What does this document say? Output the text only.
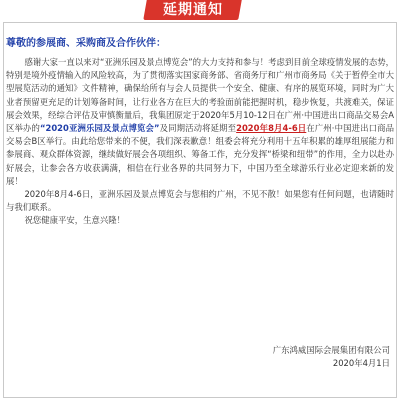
延期通知
尊敬的参展商、采购商及合作伙伴：

感谢大家一直以来对“亚洲乐园及景点博览会”的大力支持和参与！考虑到目前全球疫情发展的态势，特别是境外疫情输入的风险较高，为了贯彻落实国家商务部、省商务厅和广州市商务局《关于暂停全市大型展览活动的通知》文件精神，确保给所有与会人员提供一个安全、健康、有序的展览环境，同时为广大业者预留更充足的计划筹备时间，让行业各方在巨大的考验面前能把握时机，稳步恢复，共渡难关，保证展会效果，经综合评估及审慎衡量后，我集团原定于2020年5月10-12日在广州·中国进出口商品交易会A区举办的“2020亚洲乐园及景点博览会”及同期活动将延期至2020年8月4-6日在广州·中国进出口商品交易会B区举行。由此给您带来的不便，我们深表歉意！组委会将充分利用十五年积累的雄厚组展能力和参展商、观众群体资源，继续做好展会各项组织、筹备工作，充分发挥“桥梁和纽带”的作用，全力以赴办好展会，让参会各方收获满满，相信在行业各界的共同努力下，中国乃至全球游乐行业必定迎来新的发展！

2020年8月4-6日，亚洲乐园及景点博览会与您相约广州，不见不散！如果您有任何问题，也请随时与我们联系。

祝您健康平安，生意兴隆！

广东鸿威国际会展集团有限公司
2020年4月1日
